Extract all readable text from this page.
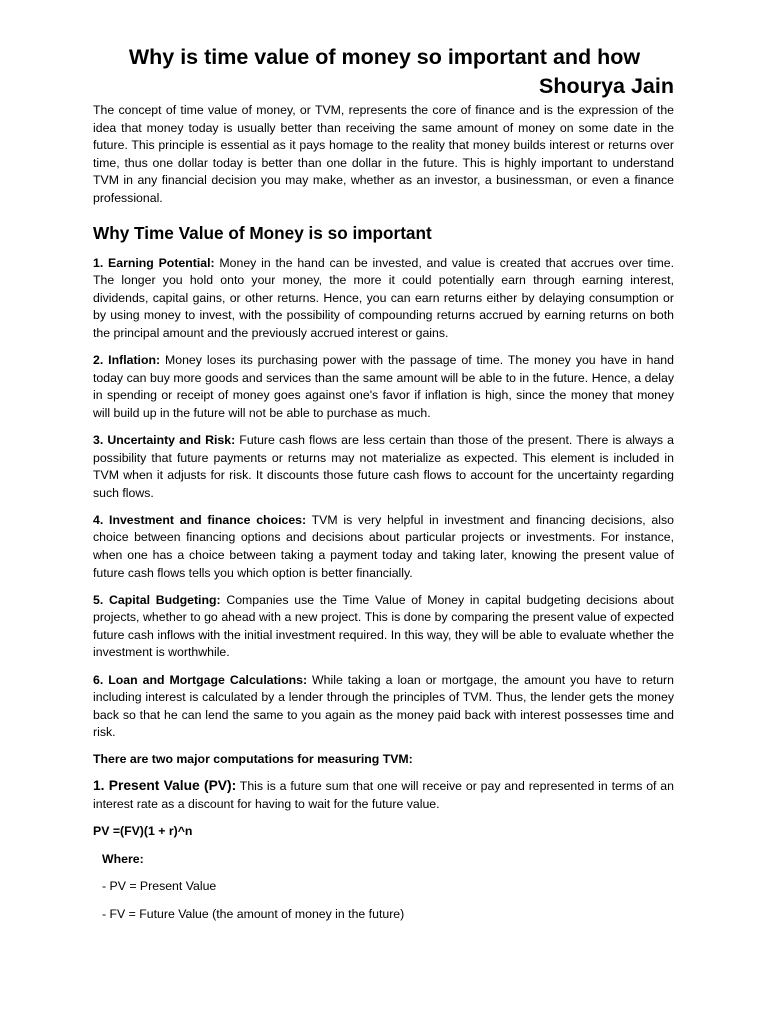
Why is time value of money so important and how
Shourya Jain

The concept of time value of money, or TVM, represents the core of finance and is the expression of the idea that money today is usually better than receiving the same amount of money on some date in the future. This principle is essential as it pays homage to the reality that money builds interest or returns over time, thus one dollar today is better than one dollar in the future. This is highly important to understand TVM in any financial decision you may make, whether as an investor, a businessman, or even a finance professional.

Why Time Value of Money is so important

1. Earning Potential: Money in the hand can be invested, and value is created that accrues over time. The longer you hold onto your money, the more it could potentially earn through earning interest, dividends, capital gains, or other returns. Hence, you can earn returns either by delaying consumption or by using money to invest, with the possibility of compounding returns accrued by earning returns on both the principal amount and the previously accrued interest or gains.

2. Inflation: Money loses its purchasing power with the passage of time. The money you have in hand today can buy more goods and services than the same amount will be able to in the future. Hence, a delay in spending or receipt of money goes against one's favor if inflation is high, since the money that money will build up in the future will not be able to purchase as much.

3. Uncertainty and Risk: Future cash flows are less certain than those of the present. There is always a possibility that future payments or returns may not materialize as expected. This element is included in TVM when it adjusts for risk. It discounts those future cash flows to account for the uncertainty regarding such flows.

4. Investment and finance choices: TVM is very helpful in investment and financing decisions, also choice between financing options and decisions about particular projects or investments. For instance, when one has a choice between taking a payment today and taking later, knowing the present value of future cash flows tells you which option is better financially.

5. Capital Budgeting: Companies use the Time Value of Money in capital budgeting decisions about projects, whether to go ahead with a new project. This is done by comparing the present value of expected future cash inflows with the initial investment required. In this way, they will be able to evaluate whether the investment is worthwhile.

6. Loan and Mortgage Calculations: While taking a loan or mortgage, the amount you have to return including interest is calculated by a lender through the principles of TVM. Thus, the lender gets the money back so that he can lend the same to you again as the money paid back with interest possesses time and risk.

There are two major computations for measuring TVM:

1. Present Value (PV): This is a future sum that one will receive or pay and represented in terms of an interest rate as a discount for having to wait for the future value.

PV =(FV)(1 + r)^n

Where:

- PV = Present Value

- FV = Future Value (the amount of money in the future)
